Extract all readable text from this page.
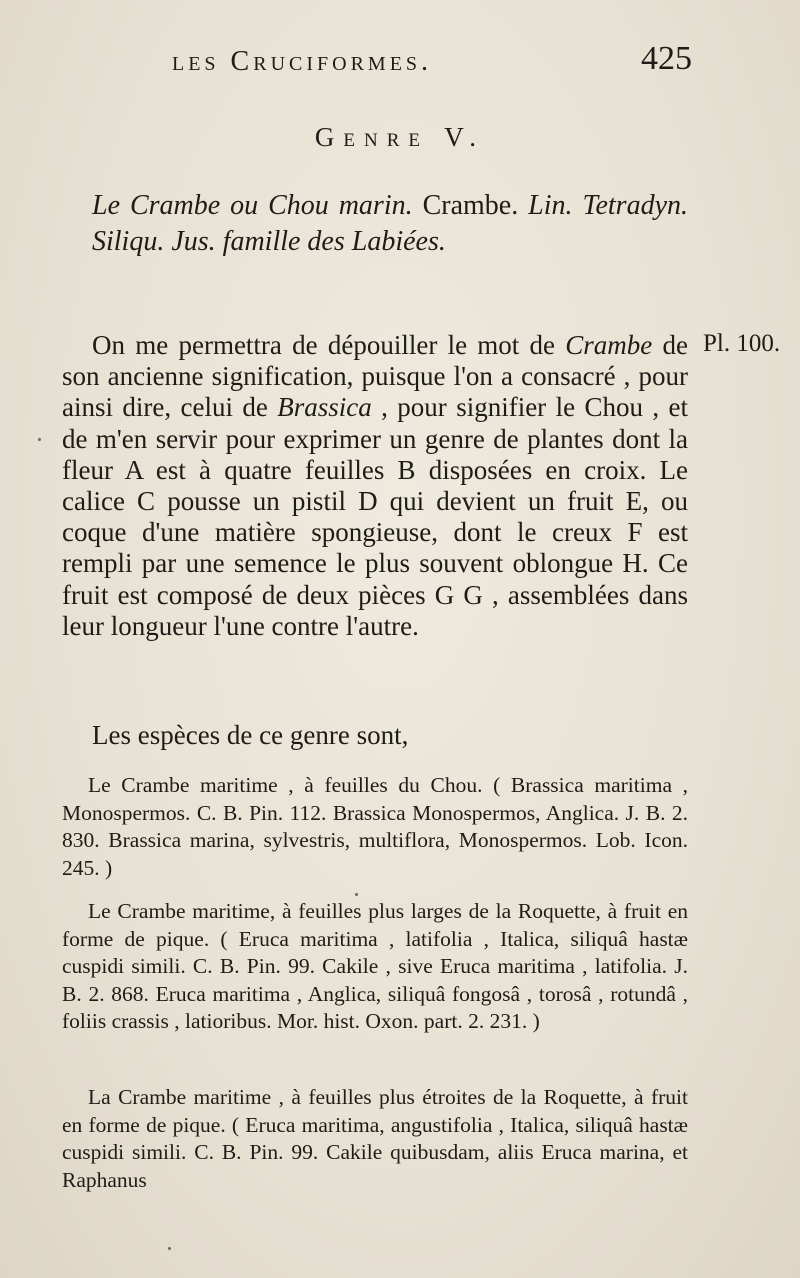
les Cruciformes.	425
Genre V.
Le Crambe ou Chou marin. Crambe. Lin. Tetradyn. Siliqu. Jus. famille des Labiées.
Pl. 100.
On me permettra de dépouiller le mot de Crambe de son ancienne signification, puisque l'on a consacré , pour ainsi dire, celui de Brassica , pour signifier le Chou , et de m'en servir pour exprimer un genre de plantes dont la fleur A est à quatre feuilles B disposées en croix. Le calice C pousse un pistil D qui devient un fruit E, ou coque d'une matière spongieuse, dont le creux F est rempli par une semence le plus souvent oblongue H. Ce fruit est composé de deux pièces G G , assemblées dans leur longueur l'une contre l'autre.
Les espèces de ce genre sont,
Le Crambe maritime , à feuilles du Chou. ( Brassica maritima , Monospermos. C. B. Pin. 112. Brassica Monospermos, Anglica. J. B. 2. 830. Brassica marina, sylvestris, multiflora, Monospermos. Lob. Icon. 245. )
Le Crambe maritime, à feuilles plus larges de la Roquette, à fruit en forme de pique. ( Eruca maritima , latifolia , Italica, siliquâ hastæ cuspidi simili. C. B. Pin. 99. Cakile , sive Eruca maritima , latifolia. J. B. 2. 868. Eruca maritima , Anglica, siliquâ fongosâ , torosâ , rotundâ , foliis crassis , latioribus. Mor. hist. Oxon. part. 2. 231. )
La Crambe maritime , à feuilles plus étroites de la Roquette, à fruit en forme de pique. ( Eruca maritima, angustifolia , Italica, siliquâ hastæ cuspidi simili. C. B. Pin. 99. Cakile quibusdam, aliis Eruca marina, et Raphanus
